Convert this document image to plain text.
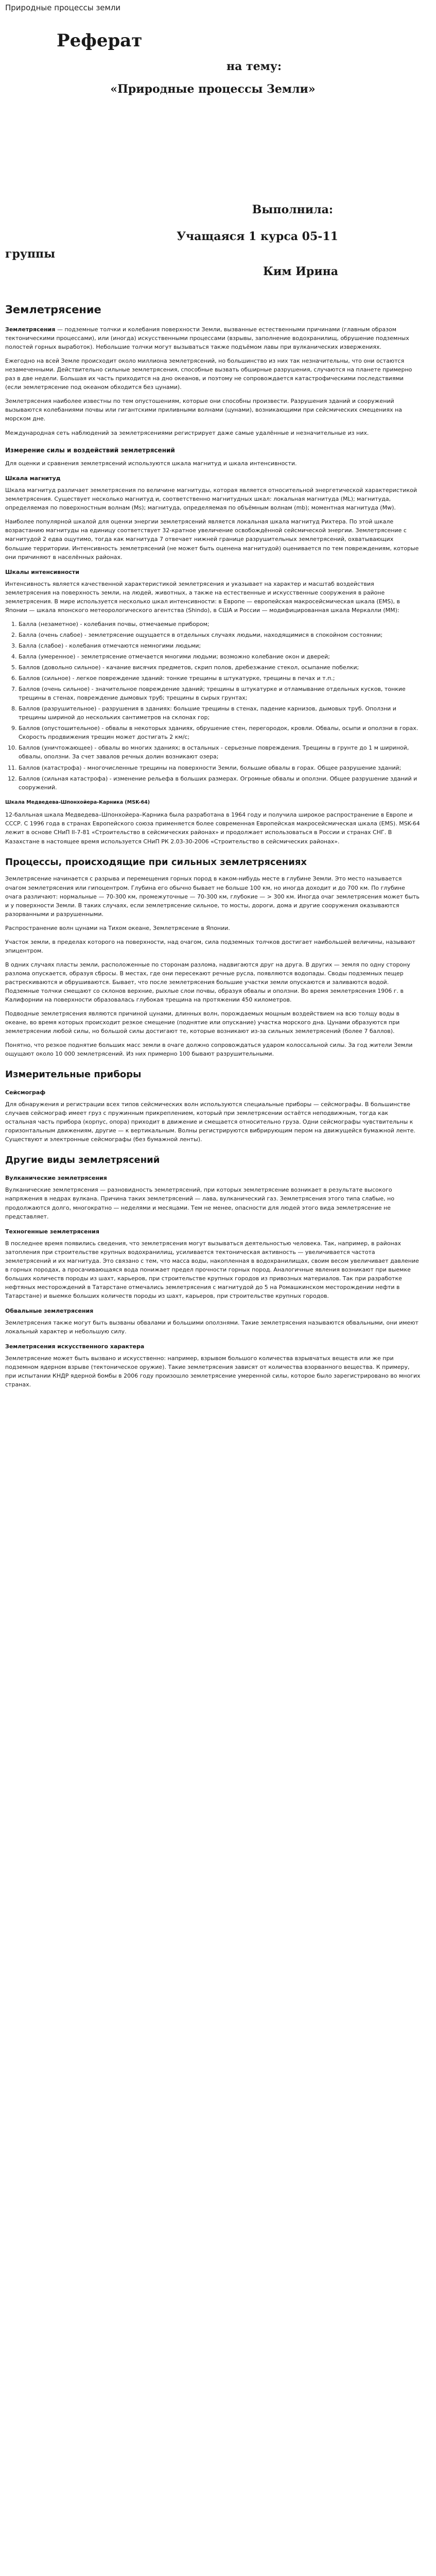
Природные процессы земли
Реферат
на тему:
«Природные процессы Земли»
Выполнила:
Учащаяся 1 курса 05-11
группы
Ким Ирина
Землетрясение

Землетрясения — подземные толчки и колебания поверхности Земли, вызванные естественными причинами (главным образом тектоническими процессами), или (иногда) искусственными процессами (взрывы, заполнение водохранилищ, обрушение подземных полостей горных выработок). Небольшие толчки могут вызываться также подъёмом лавы при вулканических извержениях.

Ежегодно на всей Земле происходит около миллиона землетрясений, но большинство из них так незначительны, что они остаются незамеченными. Действительно сильные землетрясения, способные вызвать обширные разрушения, случаются на планете примерно раз в две недели. Большая их часть приходится на дно океанов, и поэтому не сопровождается катастрофическими последствиями (если землетрясение под океаном обходится без цунами).

Землетрясения наиболее известны по тем опустошениям, которые они способны произвести. Разрушения зданий и сооружений вызываются колебаниями почвы или гигантскими приливными волнами (цунами), возникающими при сейсмических смещениях на морском дне.

Международная сеть наблюдений за землетрясениями регистрирует даже самые удалённые и незначительные из них.

Измерение силы и воздействий землетрясений

Для оценки и сравнения землетрясений используются шкала магнитуд и шкала интенсивности.

Шкала магнитуд

Шкала магнитуд различает землетрясения по величине магнитуды, которая является относительной энергетической характеристикой землетрясения. Существует несколько магнитуд и, соответственно магнитудных шкал: локальная магнитуда (ML); магнитуда, определяемая по поверхностным волнам (Ms); магнитуда, определяемая по объёмным волнам (mb); моментная магнитуда (Mw).

Наиболее популярной шкалой для оценки энергии землетрясений является локальная шкала магнитуд Рихтера. По этой шкале возрастанию магнитуды на единицу соответствует 32-кратное увеличение освобождённой сейсмической энергии. Землетрясение с магнитудой 2 едва ощутимо, тогда как магнитуда 7 отвечает нижней границе разрушительных землетрясений, охватывающих большие территории. Интенсивность землетрясений (не может быть оценена магнитудой) оценивается по тем повреждениям, которые они причиняют в населённых районах.

Шкалы интенсивности

Интенсивность является качественной характеристикой землетрясения и указывает на характер и масштаб воздействия землетрясения на поверхность земли, на людей, животных, а также на естественные и искусственные сооружения в районе землетрясения. В мире используется несколько шкал интенсивности: в Европе — европейская макросейсмическая шкала (EMS), в Японии — шкала японского метеорологического агентства (Shindo), в США и России — модифицированная шкала Меркалли (MM):

1. Балла (незаметное) - колебания почвы, отмечаемые прибором;
2. Балла (очень слабое) - землетрясение ощущается в отдельных случаях людьми, находящимися в спокойном состоянии;
3. Балла (слабое) - колебания отмечаются немногими людьми;
4. Балла (умеренное) - землетрясение отмечается многими людьми; возможно колебание окон и дверей;
5. Баллов (довольно сильное) - качание висячих предметов, скрип полов, дребезжание стекол, осыпание побелки;
6. Баллов (сильное) - легкое повреждение зданий: тонкие трещины в штукатурке, трещины в печах и т.п.;
7. Баллов (очень сильное) - значительное повреждение зданий; трещины в штукатурке и отламывание отдельных кусков, тонкие трещины в стенах, повреждение дымовых труб; трещины в сырых грунтах;
8. Баллов (разрушительное) - разрушения в зданиях: большие трещины в стенах, падение карнизов, дымовых труб. Оползни и трещины шириной до нескольких сантиметров на склонах гор;
9. Баллов (опустошительное) - обвалы в некоторых зданиях, обрушение стен, перегородок, кровли. Обвалы, осыпи и оползни в горах. Скорость продвижения трещин может достигать 2 км/с;
10. Баллов (уничтожающее) - обвалы во многих зданиях; в остальных - серьезные повреждения. Трещины в грунте до 1 м шириной, обвалы, оползни. За счет завалов речных долин возникают озера;
11. Баллов (катастрофа) - многочисленные трещины на поверхности Земли, большие обвалы в горах. Общее разрушение зданий;
12. Баллов (сильная катастрофа) - изменение рельефа в больших размерах. Огромные обвалы и оползни. Общее разрушение зданий и сооружений.
Шкала Медведева-Шпонхойера-Карника (MSK-64)

12-балльная шкала Медведева–Шпонхойера–Карника была разработана в 1964 году и получила широкое распространение в Европе и СССР. С 1996 года в странах Европейского союза применяется более современная Европейская макросейсмическая шкала (EMS). MSK-64 лежит в основе СНиП II-7-81 «Строительство в сейсмических районах» и продолжает использоваться в России и странах СНГ. В Казахстане в настоящее время используется СНиП РК 2.03-30-2006 «Строительство в сейсмических районах».

Процессы, происходящие при сильных землетрясениях

Землетрясение начинается с разрыва и перемещения горных пород в каком-нибудь месте в глубине Земли. Это место называется очагом землетрясения или гипоцентром. Глубина его обычно бывает не больше 100 км, но иногда доходит и до 700 км. По глубине очага различают: нормальные — 70-300 км, промежуточные — 70-300 км, глубокие — > 300 км. Иногда очаг землетрясения может быть и у поверхности Земли. В таких случаях, если землетрясение сильное, то мосты, дороги, дома и другие сооружения оказываются разорванными и разрушенными.

Распространение волн цунами на Тихом океане, Землетрясение в Японии.

Участок земли, в пределах которого на поверхности, над очагом, сила подземных толчков достигает наибольшей величины, называют эпицентром.

В одних случаях пласты земли, расположенные по сторонам разлома, надвигаются друг на друга. В других — земля по одну сторону разлома опускается, образуя сбросы. В местах, где они пересекают речные русла, появляются водопады. Своды подземных пещер растрескиваются и обрушиваются. Бывает, что после землетрясения большие участки земли опускаются и заливаются водой. Подземные толчки смещают со склонов верхние, рыхлые слои почвы, образуя обвалы и оползни. Во время землетрясения 1906 г. в Калифорнии на поверхности образовалась глубокая трещина на протяжении 450 километров.

Подводные землетрясения являются причиной цунами, длинных волн, порождаемых мощным воздействием на всю толщу воды в океане, во время которых происходит резкое смещение (поднятие или опускание) участка морского дна. Цунами образуются при землетрясении любой силы, но большой силы достигают те, которые возникают из-за сильных землетрясений (более 7 баллов).

Понятно, что резкое поднятие больших масс земли в очаге должно сопровождаться ударом колоссальной силы. За год жители Земли ощущают около 10 000 землетрясений. Из них примерно 100 бывают разрушительными.

Измерительные приборы
Сейсмограф

Для обнаружения и регистрации всех типов сейсмических волн используются специальные приборы — сейсмографы. В большинстве случаев сейсмограф имеет груз с пружинным прикреплением, который при землетрясении остаётся неподвижным, тогда как остальная часть прибора (корпус, опора) приходит в движение и смещается относительно груза. Одни сейсмографы чувствительны к горизонтальным движениям, другие — к вертикальным. Волны регистрируются вибрирующим пером на движущейся бумажной ленте. Существуют и электронные сейсмографы (без бумажной ленты).

Другие виды землетрясений
Вулканические землетрясения

Вулканические землетрясения — разновидность землетрясений, при которых землетрясение возникает в результате высокого напряжения в недрах вулкана. Причина таких землетрясений — лава, вулканический газ. Землетрясения этого типа слабые, но продолжаются долго, многократно — неделями и месяцами. Тем не менее, опасности для людей этого вида землетрясение не представляет.

Техногенные землетрясения

В последнее время появились сведения, что землетрясения могут вызываться деятельностью человека. Так, например, в районах затопления при строительстве крупных водохранилищ, усиливается тектоническая активность — увеличивается частота землетрясений и их магнитуда. Это связано с тем, что масса воды, накопленная в водохранилищах, своим весом увеличивает давление в горных породах, а просачивающаяся вода понижает предел прочности горных пород. Аналогичные явления возникают при выемке больших количеств породы из шахт, карьеров, при строительстве крупных городов из привозных материалов. Так при разработке нефтяных месторождений в Татарстане отмечались землетрясения с магнитудой до 5 на Ромашкинском месторождении нефти в Татарстане) и выемке больших количеств породы из шахт, карьеров, при строительстве крупных городов.

Обвальные землетрясения

Землетрясения также могут быть вызваны обвалами и большими оползнями. Такие землетрясения называются обвальными, они имеют локальный характер и небольшую силу.

Землетрясения искусственного характера

Землетрясение может быть вызвано и искусственно: например, взрывом большого количества взрывчатых веществ или же при подземном ядерном взрыве (тектоническое оружие). Такие землетрясения зависят от количества взорванного вещества. К примеру, при испытании КНДР ядерной бомбы в 2006 году произошло землетрясение умеренной силы, которое было зарегистрировано во многих странах.
